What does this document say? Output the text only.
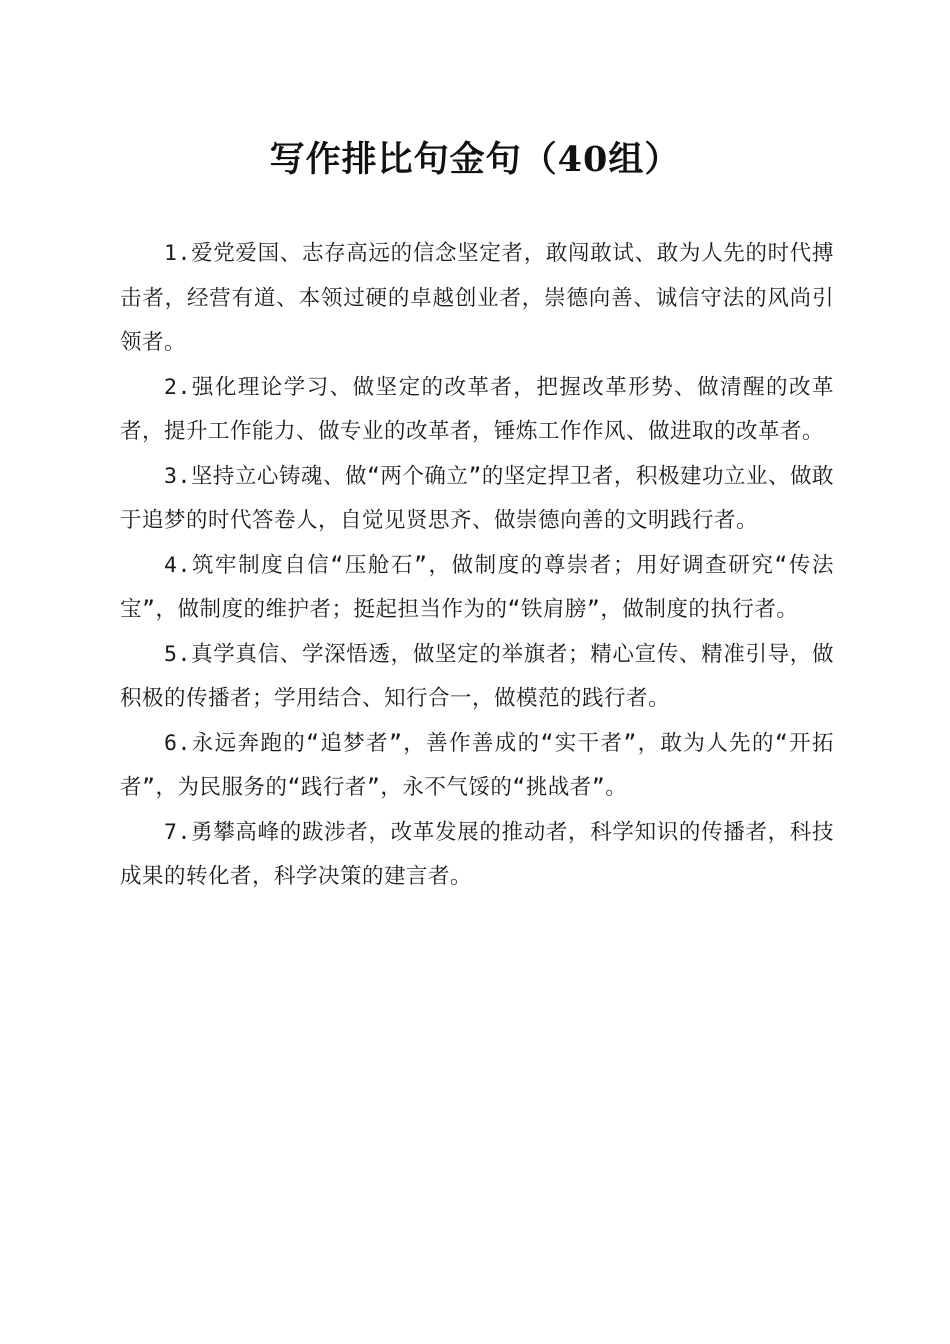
写作排比句金句（40组）

1.爱党爱国、志存高远的信念坚定者，敢闯敢试、敢为人先的时代搏击者，经营有道、本领过硬的卓越创业者，崇德向善、诚信守法的风尚引领者。

2.强化理论学习、做坚定的改革者，把握改革形势、做清醒的改革者，提升工作能力、做专业的改革者，锤炼工作作风、做进取的改革者。

3.坚持立心铸魂、做“两个确立”的坚定捍卫者，积极建功立业、做敢于追梦的时代答卷人，自觉见贤思齐、做崇德向善的文明践行者。

4.筑牢制度自信“压舱石”，做制度的尊崇者；用好调查研究“传法宝”，做制度的维护者；挺起担当作为的“铁肩膀”，做制度的执行者。

5.真学真信、学深悟透，做坚定的举旗者；精心宣传、精准引导，做积极的传播者；学用结合、知行合一，做模范的践行者。

6.永远奔跑的“追梦者”，善作善成的“实干者”，敢为人先的“开拓者”，为民服务的“践行者”，永不气馁的“挑战者”。

7.勇攀高峰的跋涉者，改革发展的推动者，科学知识的传播者，科技成果的转化者，科学决策的建言者。
